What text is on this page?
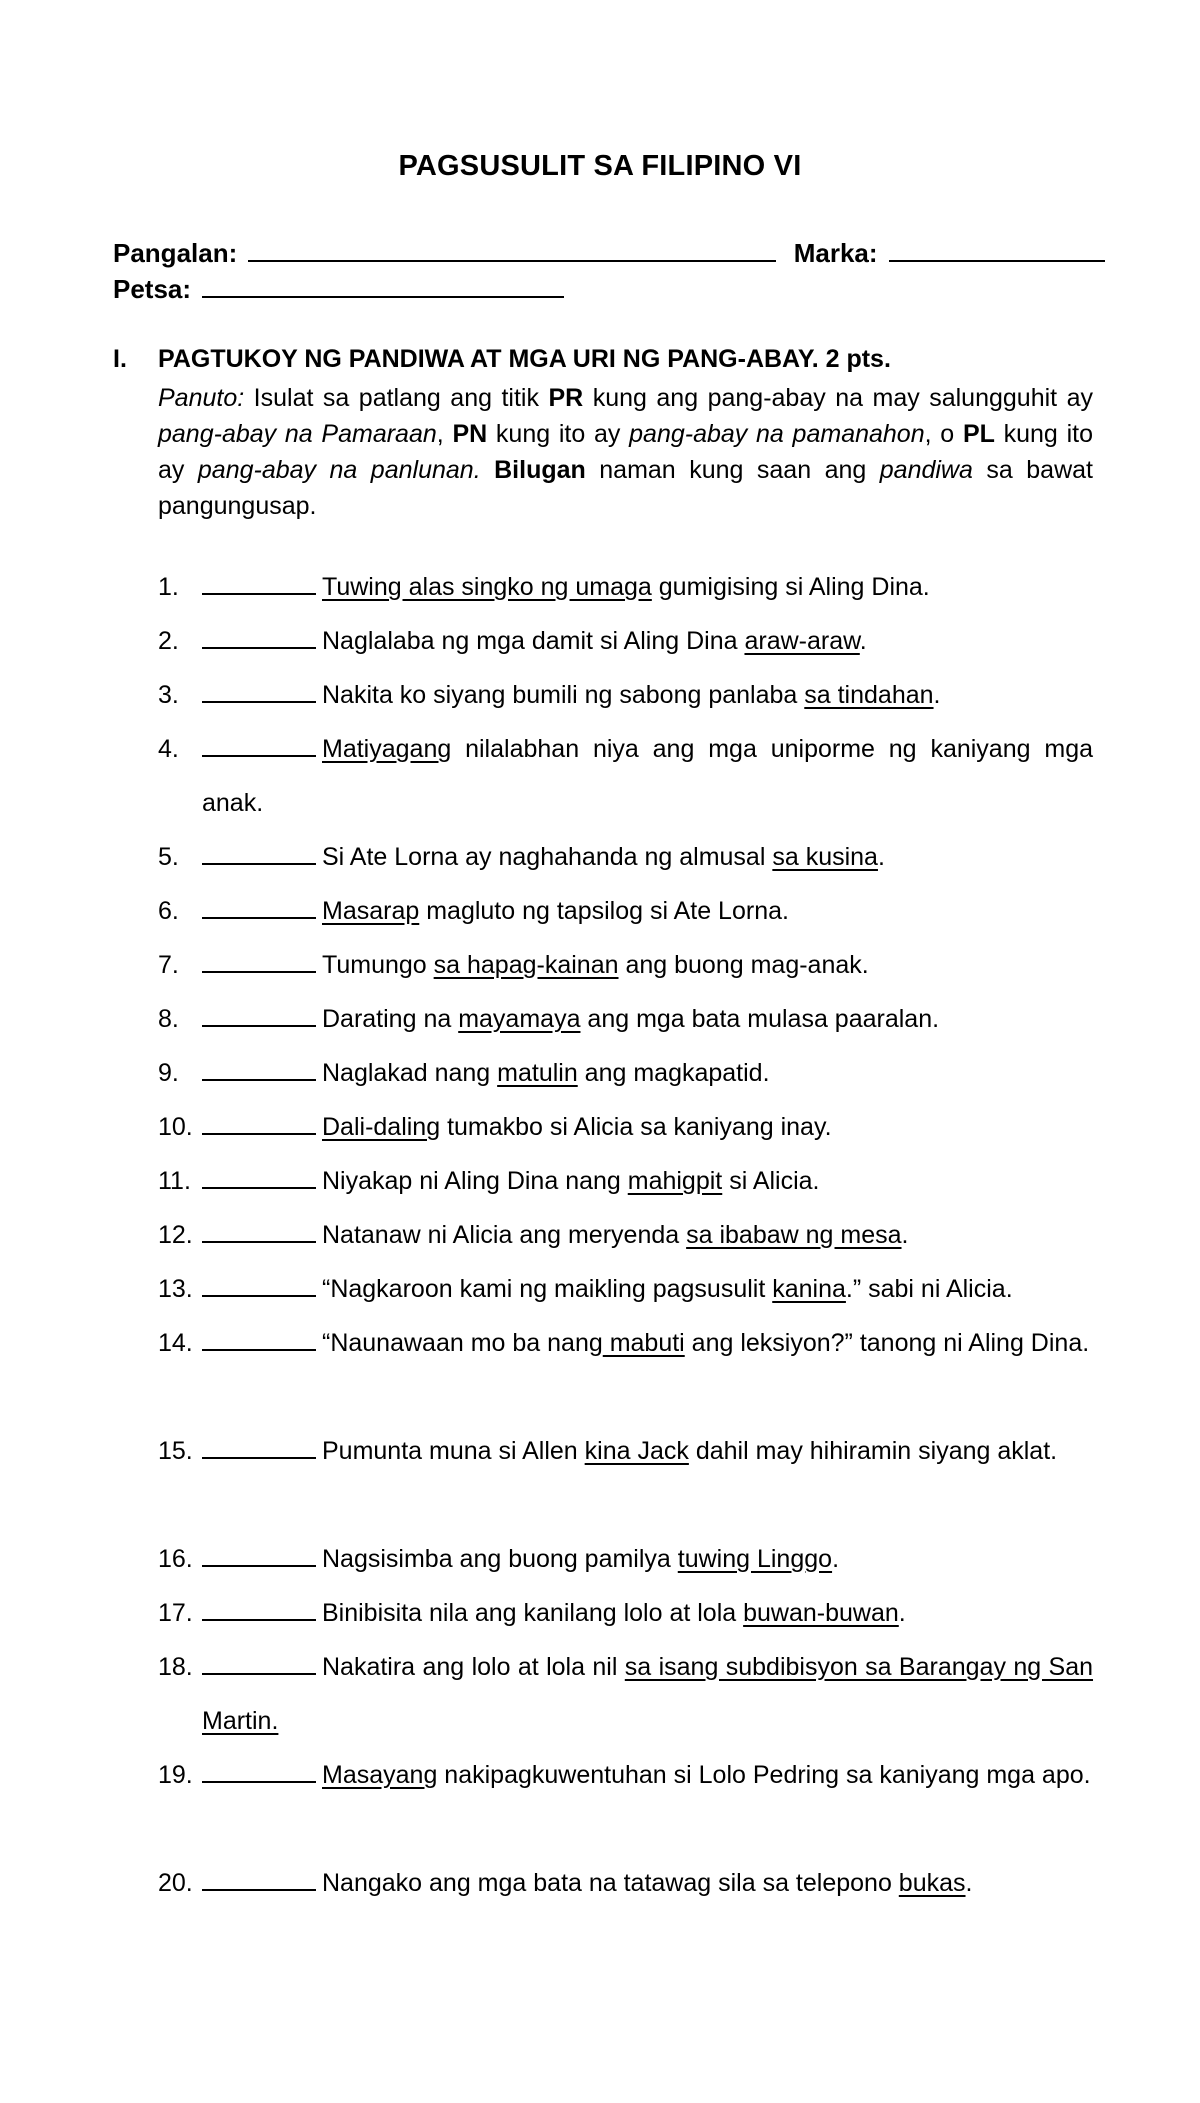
PAGSUSULIT SA FILIPINO VI
Pangalan:	Marka:
Petsa:
I. PAGTUKOY NG PANDIWA AT MGA URI NG PANG-ABAY. 2 pts.
Panuto: Isulat sa patlang ang titik PR kung ang pang-abay na may salungguhit ay pang-abay na Pamaraan, PN kung ito ay pang-abay na pamanahon, o PL kung ito ay pang-abay na panlunan. Bilugan naman kung saan ang pandiwa sa bawat pangungusap.
1.	Tuwing alas singko ng umaga gumigising si Aling Dina.
2.	Naglalaba ng mga damit si Aling Dina araw-araw.
3.	Nakita ko siyang bumili ng sabong panlaba sa tindahan.
4.	Matiyagang nilalabhan niya ang mga uniporme ng kaniyang mga anak.
5.	Si Ate Lorna ay naghahanda ng almusal sa kusina.
6.	Masarap magluto ng tapsilog si Ate Lorna.
7.	Tumungo sa hapag-kainan ang buong mag-anak.
8.	Darating na mayamaya ang mga bata mulasa paaralan.
9.	Naglakad nang matulin ang magkapatid.
10.	Dali-daling tumakbo si Alicia sa kaniyang inay.
11.	Niyakap ni Aling Dina nang mahigpit si Alicia.
12.	Natanaw ni Alicia ang meryenda sa ibabaw ng mesa.
13.	“Nagkaroon kami ng maikling pagsusulit kanina.” sabi ni Alicia.
14.	“Naunawaan mo ba nang mabuti ang leksiyon?” tanong ni Aling Dina.
15.	Pumunta muna si Allen kina Jack dahil may hihiramin siyang aklat.
16.	Nagsisimba ang buong pamilya tuwing Linggo.
17.	Binibisita nila ang kanilang lolo at lola buwan-buwan.
18.	Nakatira ang lolo at lola nil sa isang subdibisyon sa Barangay ng San Martin.
19.	Masayang nakipagkuwentuhan si Lolo Pedring sa kaniyang mga apo.
20.	Nangako ang mga bata na tatawag sila sa telepono bukas.
